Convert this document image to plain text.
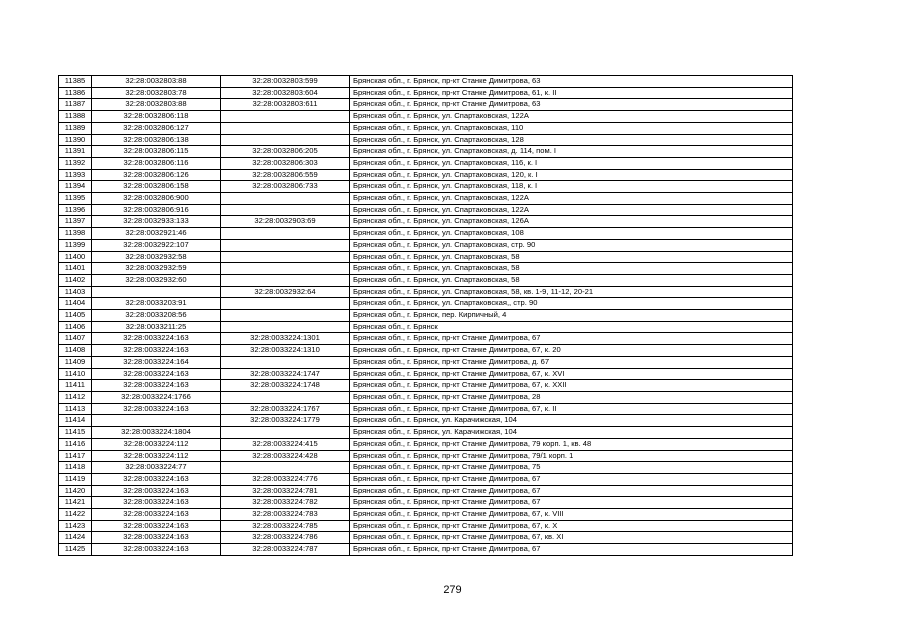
11385	32:28:0032803:88	32:28:0032803:599	Брянская обл., г. Брянск, пр-кт Станке Димитрова, 63
11386	32:28:0032803:78	32:28:0032803:604	Брянская обл., г. Брянск, пр-кт Станке Димитрова, 61, к. II
11387	32:28:0032803:88	32:28:0032803:611	Брянская обл., г. Брянск, пр-кт Станке Димитрова, 63
11388	32:28:0032806:118		Брянская обл., г. Брянск, ул. Спартаковская, 122А
11389	32:28:0032806:127		Брянская обл., г. Брянск, ул. Спартаковская, 110
11390	32:28:0032806:138		Брянская обл., г. Брянск, ул. Спартаковская, 128
11391	32:28:0032806:115	32:28:0032806:205	Брянская обл., г. Брянск, ул. Спартаковская, д. 114, пом. I
11392	32:28:0032806:116	32:28:0032806:303	Брянская обл., г. Брянск, ул. Спартаковская, 116, к. I
11393	32:28:0032806:126	32:28:0032806:559	Брянская обл., г. Брянск, ул. Спартаковская, 120, к. I
11394	32:28:0032806:158	32:28:0032806:733	Брянская обл., г. Брянск, ул. Спартаковская, 118, к. I
11395	32:28:0032806:900		Брянская обл., г. Брянск, ул. Спартаковская, 122А
11396	32:28:0032806:916		Брянская обл., г. Брянск, ул. Спартаковская, 122А
11397	32:28:0032933:133	32:28:0032903:69	Брянская обл., г. Брянск, ул. Спартаковская, 126А
11398	32:28:0032921:46		Брянская обл., г. Брянск, ул. Спартаковская, 108
11399	32:28:0032922:107		Брянская обл., г. Брянск, ул. Спартаковская, стр. 90
11400	32:28:0032932:58		Брянская обл., г. Брянск, ул. Спартаковская, 58
11401	32:28:0032932:59		Брянская обл., г. Брянск, ул. Спартаковская, 58
11402	32:28:0032932:60		Брянская обл., г. Брянск, ул. Спартаковская, 58
11403		32:28:0032932:64	Брянская обл., г. Брянск, ул. Спартаковская, 58, кв. 1-9, 11-12, 20-21
11404	32:28:0033203:91		Брянская обл., г. Брянск, ул. Спартаковская,, стр. 90
11405	32:28:0033208:56		Брянская обл., г. Брянск, пер. Кирпичный, 4
11406	32:28:0033211:25		Брянская обл., г. Брянск
11407	32:28:0033224:163	32:28:0033224:1301	Брянская обл., г. Брянск, пр-кт Станке Димитрова, 67
11408	32:28:0033224:163	32:28:0033224:1310	Брянская обл., г. Брянск, пр-кт Станке Димитрова, 67, к. 20
11409	32:28:0033224:164		Брянская обл., г. Брянск, пр-кт Станке Димитрова, д. 67
11410	32:28:0033224:163	32:28:0033224:1747	Брянская обл., г. Брянск, пр-кт Станке Димитрова, 67, к. XVI
11411	32:28:0033224:163	32:28:0033224:1748	Брянская обл., г. Брянск, пр-кт Станке Димитрова, 67, к. XXII
11412	32:28:0033224:1766		Брянская обл., г. Брянск, пр-кт Станке Димитрова, 28
11413	32:28:0033224:163	32:28:0033224:1767	Брянская обл., г. Брянск, пр-кт Станке Димитрова, 67, к. II
11414		32:28:0033224:1779	Брянская обл., г. Брянск, ул. Карачижская, 104
11415	32:28:0033224:1804		Брянская обл., г. Брянск, ул. Карачижская, 104
11416	32:28:0033224:112	32:28:0033224:415	Брянская обл., г. Брянск, пр-кт Станке Димитрова, 79 корп. 1, кв. 48
11417	32:28:0033224:112	32:28:0033224:428	Брянская обл., г. Брянск, пр-кт Станке Димитрова, 79/1 корп. 1
11418	32:28:0033224:77		Брянская обл., г. Брянск, пр-кт Станке Димитрова, 75
11419	32:28:0033224:163	32:28:0033224:776	Брянская обл., г. Брянск, пр-кт Станке Димитрова, 67
11420	32:28:0033224:163	32:28:0033224:781	Брянская обл., г. Брянск, пр-кт Станке Димитрова, 67
11421	32:28:0033224:163	32:28:0033224:782	Брянская обл., г. Брянск, пр-кт Станке Димитрова, 67
11422	32:28:0033224:163	32:28:0033224:783	Брянская обл., г. Брянск, пр-кт Станке Димитрова, 67, к. VIII
11423	32:28:0033224:163	32:28:0033224:785	Брянская обл., г. Брянск, пр-кт Станке Димитрова, 67, к. X
11424	32:28:0033224:163	32:28:0033224:786	Брянская обл., г. Брянск, пр-кт Станке Димитрова, 67, кв. XI
11425	32:28:0033224:163	32:28:0033224:787	Брянская обл., г. Брянск, пр-кт Станке Димитрова, 67
279
